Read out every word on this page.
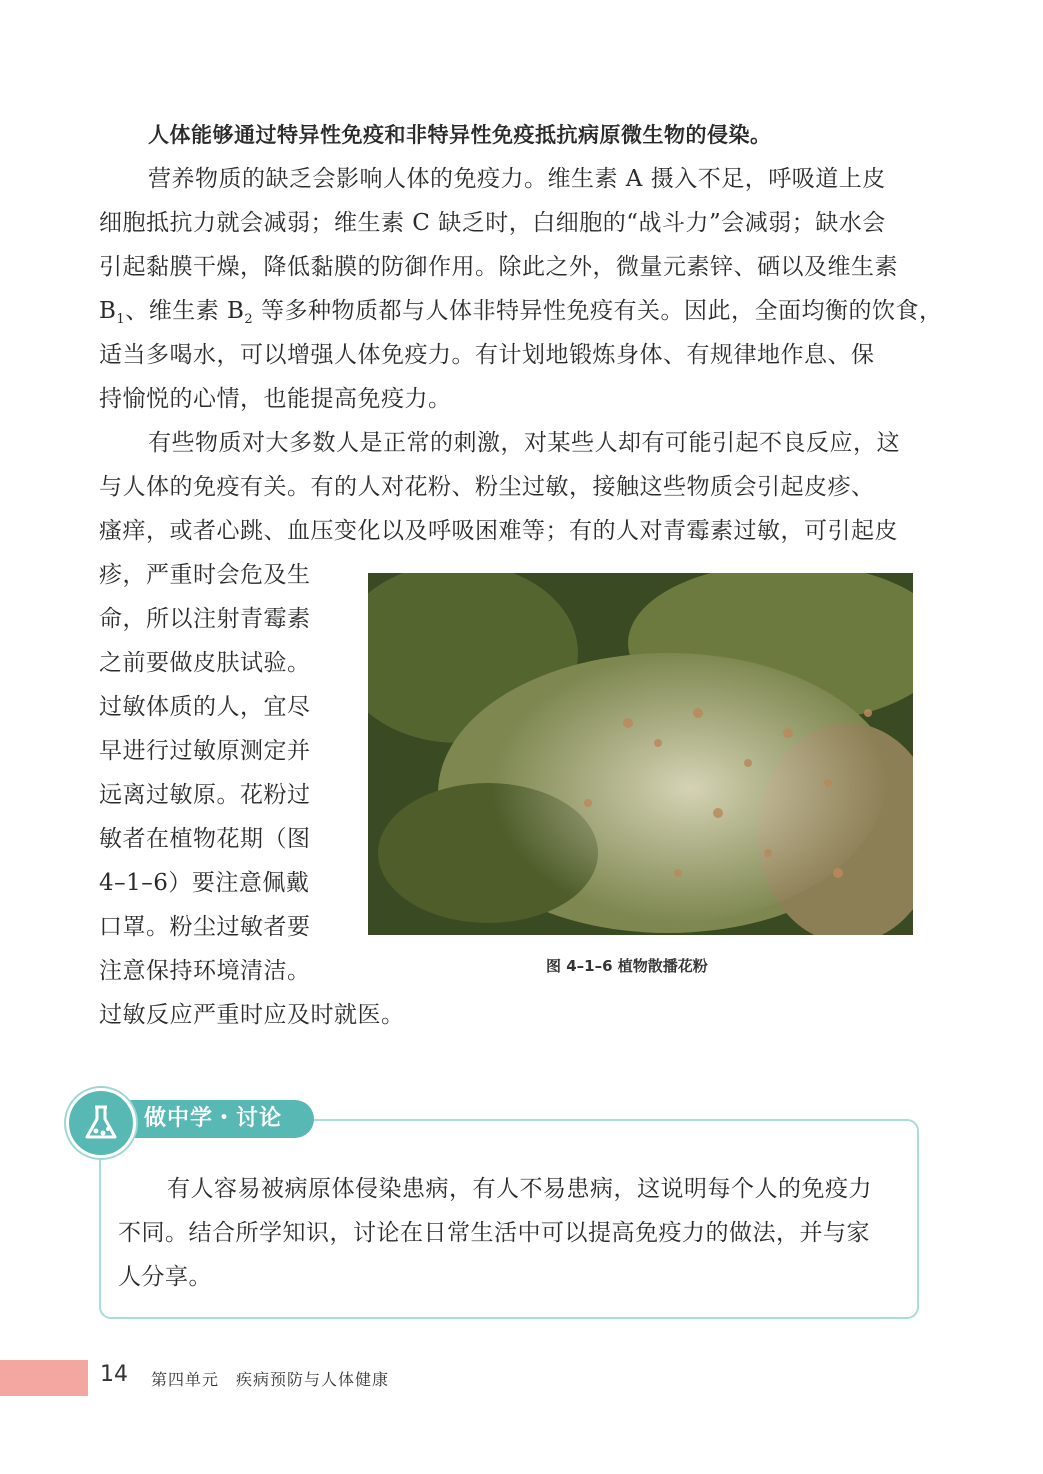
人体能够通过特异性免疫和非特异性免疫抵抗病原微生物的侵染。
营养物质的缺乏会影响人体的免疫力。维生素 A 摄入不足，呼吸道上皮
细胞抵抗力就会减弱；维生素 C 缺乏时，白细胞的“战斗力”会减弱；缺水会
引起黏膜干燥，降低黏膜的防御作用。除此之外，微量元素锌、硒以及维生素
$B_1$、维生素 $B_2$ 等多种物质都与人体非特异性免疫有关。因此，全面均衡的饮食，
适当多喝水，可以增强人体免疫力。有计划地锻炼身体、有规律地作息、保
持愉悦的心情，也能提高免疫力。
有些物质对大多数人是正常的刺激，对某些人却有可能引起不良反应，这
与人体的免疫有关。有的人对花粉、粉尘过敏，接触这些物质会引起皮疹、
瘙痒，或者心跳、血压变化以及呼吸困难等；有的人对青霉素过敏，可引起皮
疹，严重时会危及生
命，所以注射青霉素
之前要做皮肤试验。
过敏体质的人，宜尽
早进行过敏原测定并
远离过敏原。花粉过
敏者在植物花期（图
4–1–6）要注意佩戴
口罩。粉尘过敏者要
注意保持环境清洁。
过敏反应严重时应及时就医。
图 4–1–6 植物散播花粉
做中学・讨论
有人容易被病原体侵染患病，有人不易患病，这说明每个人的免疫力
不同。结合所学知识，讨论在日常生活中可以提高免疫力的做法，并与家
人分享。
14 第四单元　疾病预防与人体健康
